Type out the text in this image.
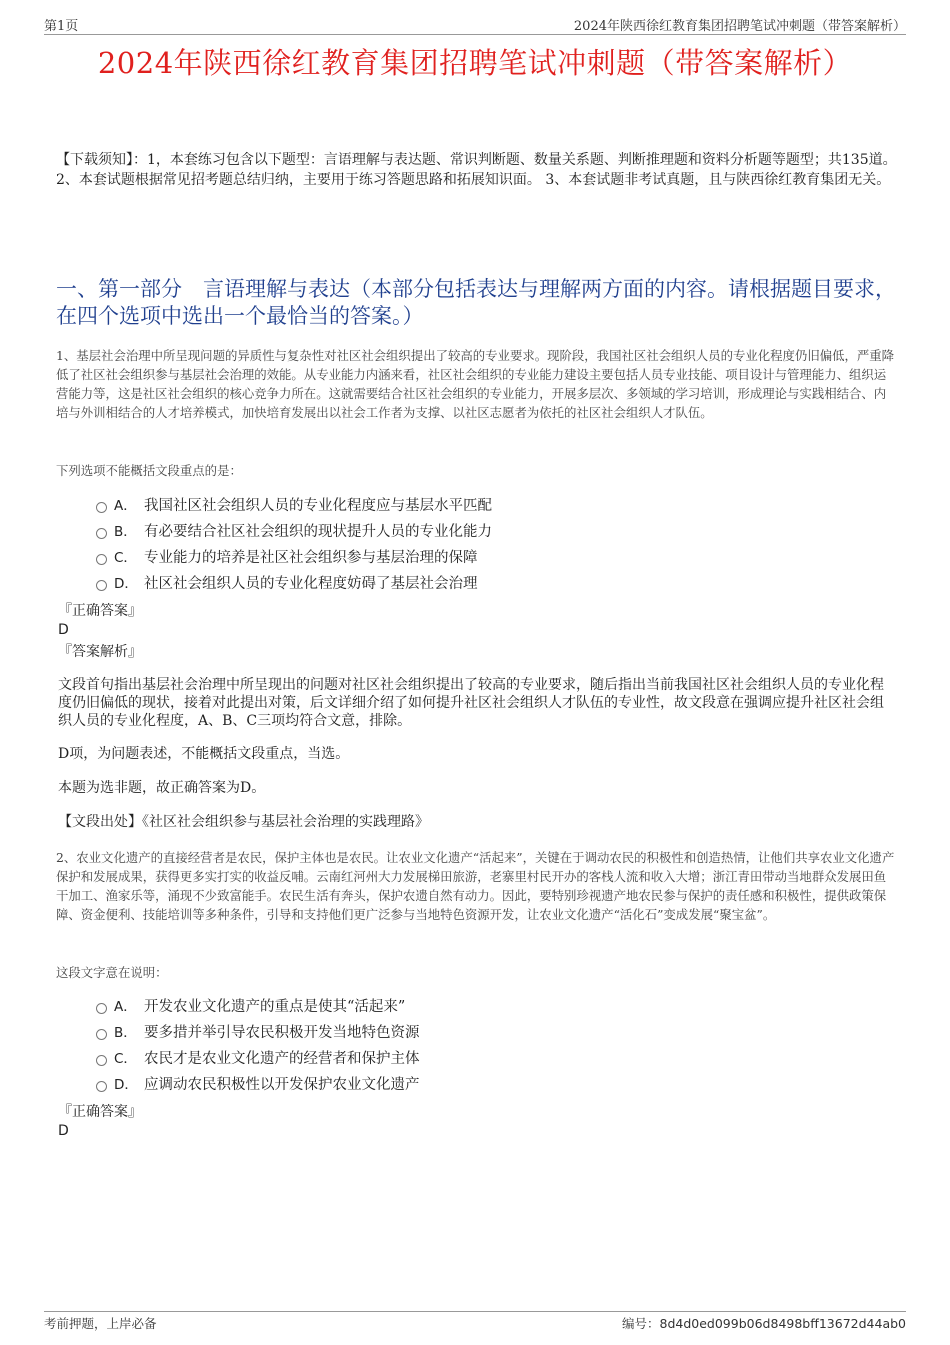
第1页	2024年陕西徐红教育集团招聘笔试冲刺题（带答案解析）
2024年陕西徐红教育集团招聘笔试冲刺题（带答案解析）
【下载须知】：1，本套练习包含以下题型：言语理解与表达题、常识判断题、数量关系题、判断推理题和资料分析题等题型；共135道。 2、本套试题根据常见招考题总结归纳，主要用于练习答题思路和拓展知识面。 3、本套试题非考试真题，且与陕西徐红教育集团无关。
一、第一部分　言语理解与表达（本部分包括表达与理解两方面的内容。请根据题目要求，在四个选项中选出一个最恰当的答案。）
1、基层社会治理中所呈现问题的异质性与复杂性对社区社会组织提出了较高的专业要求。现阶段，我国社区社会组织人员的专业化程度仍旧偏低，严重降低了社区社会组织参与基层社会治理的效能。从专业能力内涵来看，社区社会组织的专业能力建设主要包括人员专业技能、项目设计与管理能力、组织运营能力等，这是社区社会组织的核心竞争力所在。这就需要结合社区社会组织的专业能力，开展多层次、多领域的学习培训，形成理论与实践相结合、内培与外训相结合的人才培养模式，加快培育发展出以社会工作者为支撑、以社区志愿者为依托的社区社会组织人才队伍。
下列选项不能概括文段重点的是：
A． 我国社区社会组织人员的专业化程度应与基层水平匹配
B． 有必要结合社区社会组织的现状提升人员的专业化能力
C． 专业能力的培养是社区社会组织参与基层治理的保障
D． 社区社会组织人员的专业化程度妨碍了基层社会治理
『正确答案』
D
『答案解析』
文段首句指出基层社会治理中所呈现出的问题对社区社会组织提出了较高的专业要求，随后指出当前我国社区社会组织人员的专业化程度仍旧偏低的现状，接着对此提出对策，后文详细介绍了如何提升社区社会组织人才队伍的专业性，故文段意在强调应提升社区社会组织人员的专业化程度，A、B、C三项均符合文意，排除。
D项，为问题表述，不能概括文段重点，当选。
本题为选非题，故正确答案为D。
【文段出处】《社区社会组织参与基层社会治理的实践理路》
2、农业文化遗产的直接经营者是农民，保护主体也是农民。让农业文化遗产“活起来”，关键在于调动农民的积极性和创造热情，让他们共享农业文化遗产保护和发展成果，获得更多实打实的收益反哺。云南红河州大力发展梯田旅游，老寨里村民开办的客栈人流和收入大增；浙江青田带动当地群众发展田鱼干加工、渔家乐等，涌现不少致富能手。农民生活有奔头，保护农遗自然有动力。因此，要特别珍视遗产地农民参与保护的责任感和积极性，提供政策保障、资金便利、技能培训等多种条件，引导和支持他们更广泛参与当地特色资源开发，让农业文化遗产“活化石”变成发展“聚宝盆”。
这段文字意在说明：
A． 开发农业文化遗产的重点是使其“活起来”
B． 要多措并举引导农民积极开发当地特色资源
C． 农民才是农业文化遗产的经营者和保护主体
D． 应调动农民积极性以开发保护农业文化遗产
『正确答案』
D
考前押题，上岸必备	编号：8d4d0ed099b06d8498bff13672d44ab0
